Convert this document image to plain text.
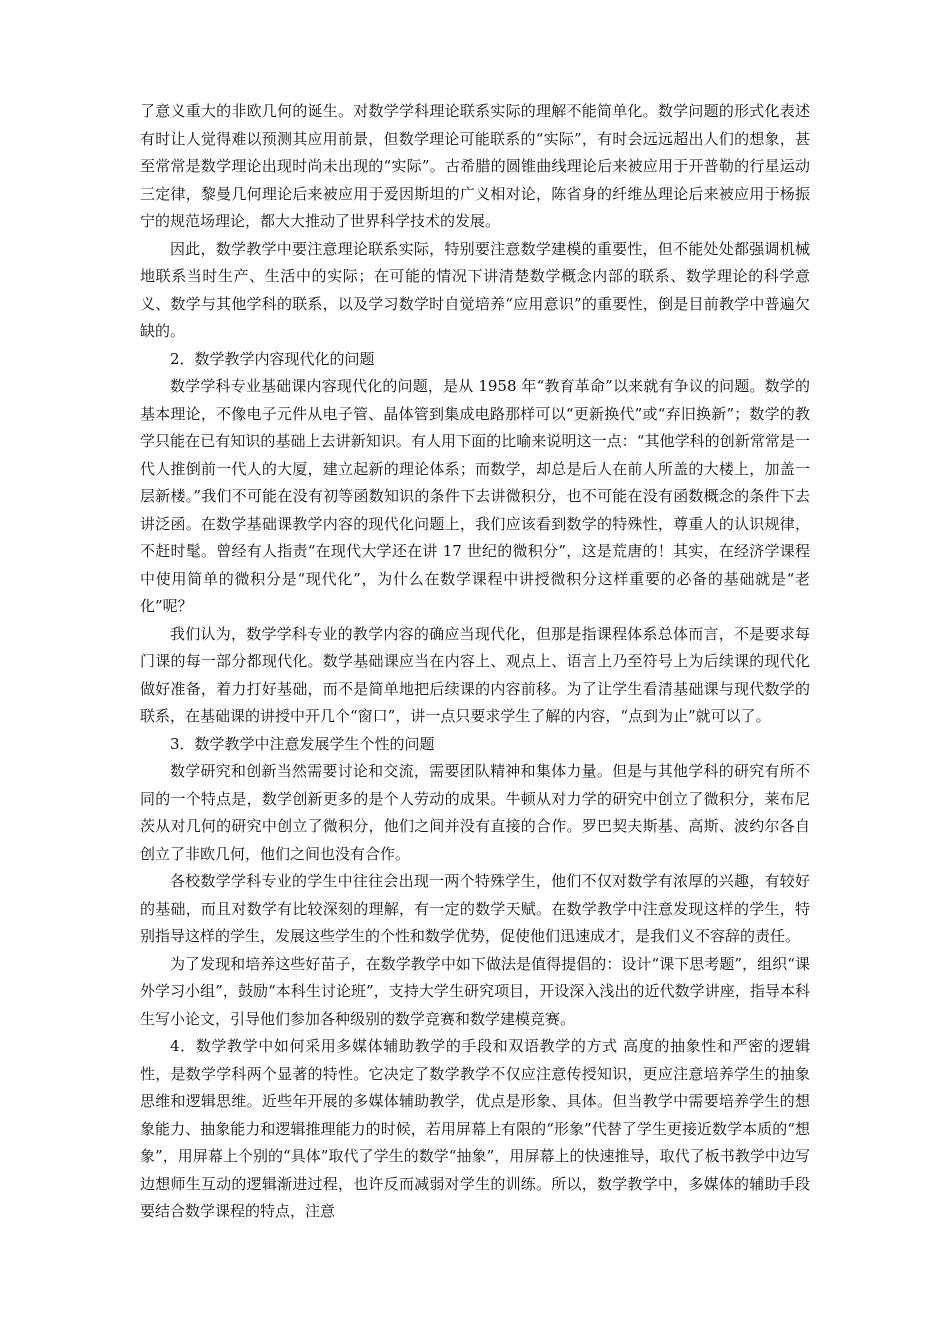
了意义重大的非欧几何的诞生。对数学学科理论联系实际的理解不能简单化。数学问题的形式化表述有时让人觉得难以预测其应用前景，但数学理论可能联系的“实际”，有时会远远超出人们的想象，甚至常常是数学理论出现时尚未出现的“实际”。古希腊的圆锥曲线理论后来被应用于开普勒的行星运动三定律，黎曼几何理论后来被应用于爱因斯坦的广义相对论，陈省身的纤维丛理论后来被应用于杨振宁的规范场理论，都大大推动了世界科学技术的发展。

因此，数学教学中要注意理论联系实际，特别要注意数学建模的重要性，但不能处处都强调机械地联系当时生产、生活中的实际；在可能的情况下讲清楚数学概念内部的联系、数学理论的科学意义、数学与其他学科的联系，以及学习数学时自觉培养“应用意识”的重要性，倒是目前教学中普遍欠缺的。

2．数学教学内容现代化的问题

数学学科专业基础课内容现代化的问题，是从 1958 年“教育革命”以来就有争议的问题。数学的基本理论，不像电子元件从电子管、晶体管到集成电路那样可以“更新换代”或“弃旧换新”；数学的教学只能在已有知识的基础上去讲新知识。有人用下面的比喻来说明这一点：“其他学科的创新常常是一代人推倒前一代人的大厦，建立起新的理论体系；而数学，却总是后人在前人所盖的大楼上，加盖一层新楼。”我们不可能在没有初等函数知识的条件下去讲微积分，也不可能在没有函数概念的条件下去讲泛函。在数学基础课教学内容的现代化问题上，我们应该看到数学的特殊性，尊重人的认识规律，不赶时髦。曾经有人指责“在现代大学还在讲 17 世纪的微积分”，这是荒唐的！其实，在经济学课程中使用简单的微积分是“现代化”，为什么在数学课程中讲授微积分这样重要的必备的基础就是“老化”呢？

我们认为，数学学科专业的教学内容的确应当现代化，但那是指课程体系总体而言，不是要求每门课的每一部分都现代化。数学基础课应当在内容上、观点上、语言上乃至符号上为后续课的现代化做好准备，着力打好基础，而不是简单地把后续课的内容前移。为了让学生看清基础课与现代数学的联系，在基础课的讲授中开几个“窗口”，讲一点只要求学生了解的内容，“点到为止”就可以了。

3．数学教学中注意发展学生个性的问题

数学研究和创新当然需要讨论和交流，需要团队精神和集体力量。但是与其他学科的研究有所不同的一个特点是，数学创新更多的是个人劳动的成果。牛顿从对力学的研究中创立了微积分，莱布尼茨从对几何的研究中创立了微积分，他们之间并没有直接的合作。罗巴契夫斯基、高斯、波约尔各自创立了非欧几何，他们之间也没有合作。

各校数学学科专业的学生中往往会出现一两个特殊学生，他们不仅对数学有浓厚的兴趣，有较好的基础，而且对数学有比较深刻的理解，有一定的数学天赋。在数学教学中注意发现这样的学生，特别指导这样的学生，发展这些学生的个性和数学优势，促使他们迅速成才，是我们义不容辞的责任。

为了发现和培养这些好苗子，在数学教学中如下做法是值得提倡的：设计“课下思考题”，组织“课外学习小组”，鼓励“本科生讨论班”，支持大学生研究项目，开设深入浅出的近代数学讲座，指导本科生写小论文，引导他们参加各种级别的数学竞赛和数学建模竞赛。

4．数学教学中如何采用多媒体辅助教学的手段和双语教学的方式 高度的抽象性和严密的逻辑性，是数学学科两个显著的特性。它决定了数学教学不仅应注意传授知识，更应注意培养学生的抽象思维和逻辑思维。近些年开展的多媒体辅助教学，优点是形象、具体。但当教学中需要培养学生的想象能力、抽象能力和逻辑推理能力的时候，若用屏幕上有限的“形象”代替了学生更接近数学本质的“想象”，用屏幕上个别的“具体”取代了学生的数学“抽象”，用屏幕上的快速推导，取代了板书教学中边写边想师生互动的逻辑渐进过程，也许反而减弱对学生的训练。所以，数学教学中，多媒体的辅助手段要结合数学课程的特点，注意
